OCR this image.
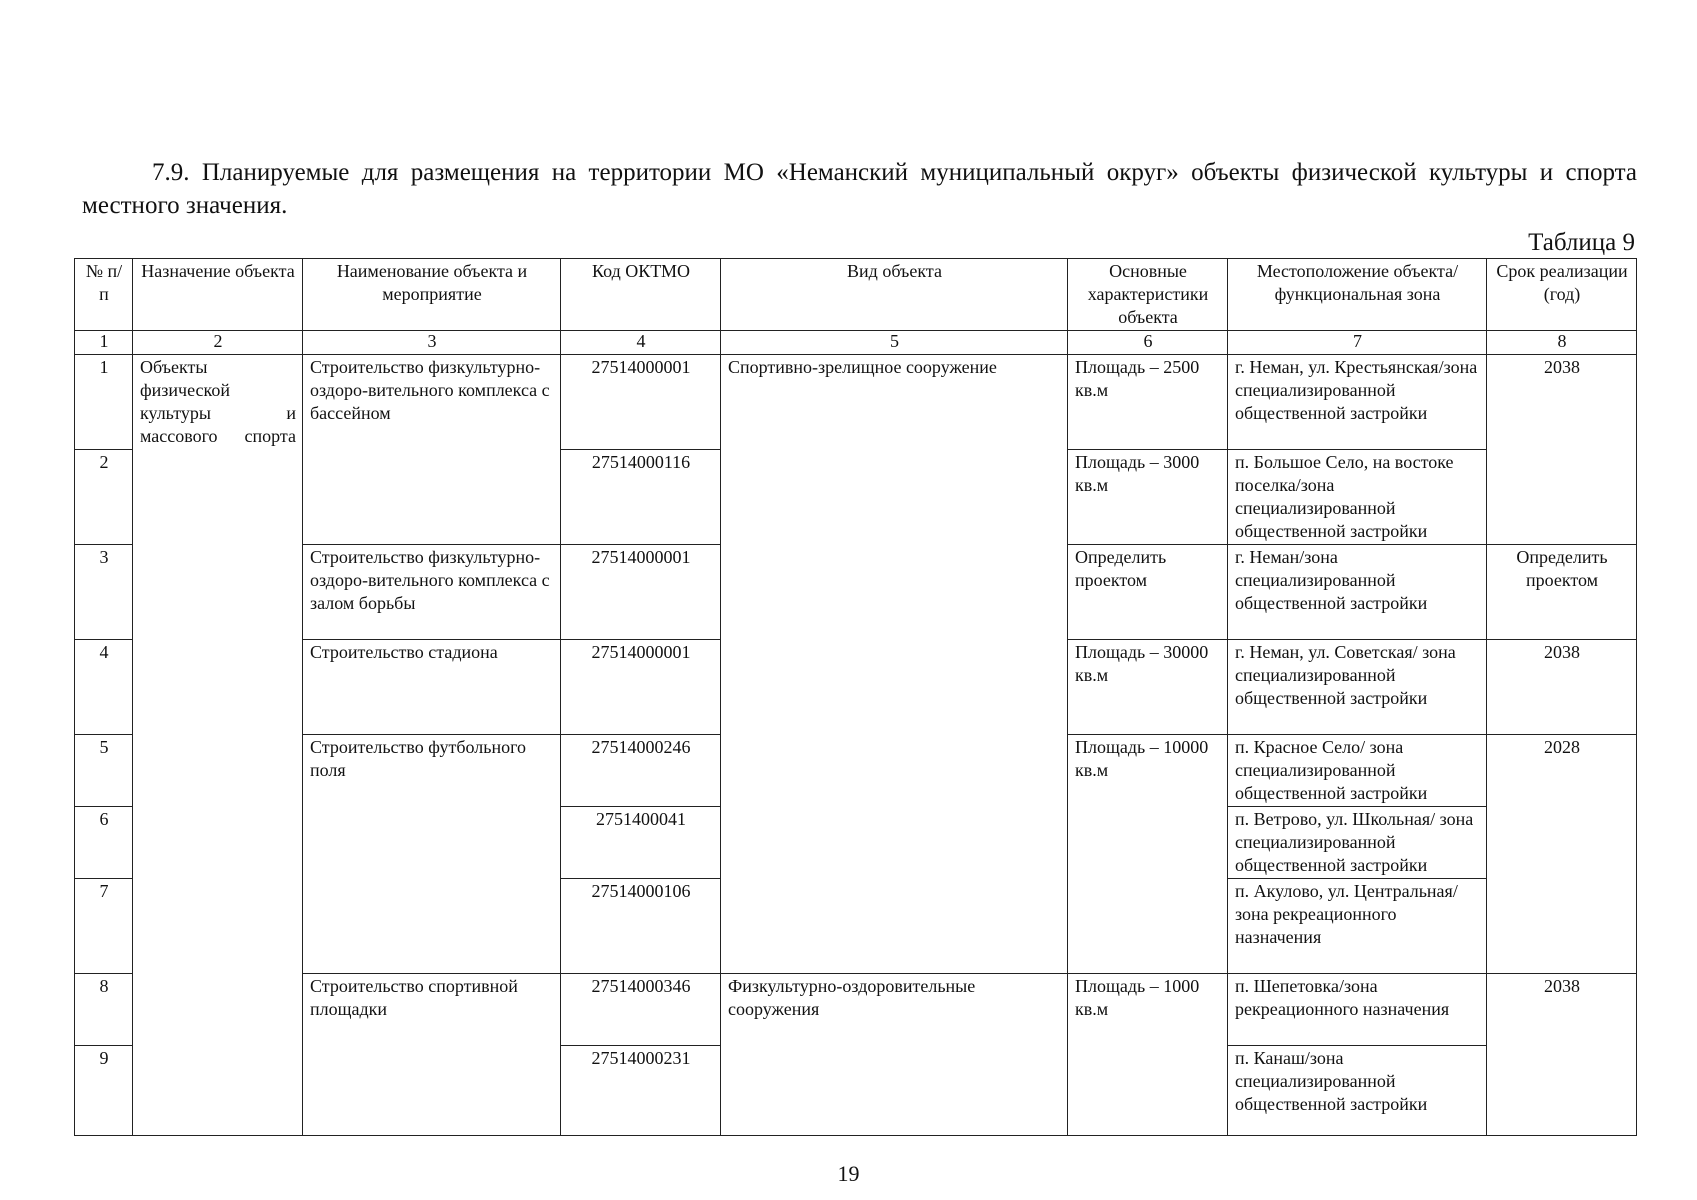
7.9. Планируемые для размещения на территории МО «Неманский муниципальный округ» объекты физической культуры и спорта местного значения.
Таблица 9
№ п/п	Назначение объекта	Наименование объекта и мероприятие	Код ОКТМО	Вид объекта	Основные характеристики объекта	Местоположение объекта/ функциональная зона	Срок реализации (год)
1	2	3	4	5	6	7	8
1	Объекты физической культуры и массового спорта	Строительство физкультурно-оздоро-вительного комплекса с бассейном	27514000001	Спортивно-зрелищное сооружение	Площадь – 2500 кв.м	г. Неман, ул. Крестьянская/зона специализированной общественной застройки	2038
2			27514000116		Площадь – 3000 кв.м	п. Большое Село, на востоке поселка/зона специализированной общественной застройки	
3		Строительство физкультурно-оздоро-вительного комплекса с залом борьбы	27514000001		Определить проектом	г. Неман/зона специализированной общественной застройки	Определить проектом
4		Строительство стадиона	27514000001		Площадь – 30000 кв.м	г. Неман, ул. Советская/ зона специализированной общественной застройки	2038
5		Строительство футбольного поля	27514000246		Площадь – 10000 кв.м	п. Красное Село/ зона специализированной общественной застройки	2028
6			2751400041			п. Ветрово, ул. Школьная/ зона специализированной общественной застройки	
7			27514000106			п. Акулово, ул. Центральная/ зона рекреационного назначения	
8		Строительство спортивной площадки	27514000346	Физкультурно-оздоровительные сооружения	Площадь – 1000 кв.м	п. Шепетовка/зона рекреационного назначения	2038
9			27514000231			п. Канаш/зона специализированной общественной застройки	
19
